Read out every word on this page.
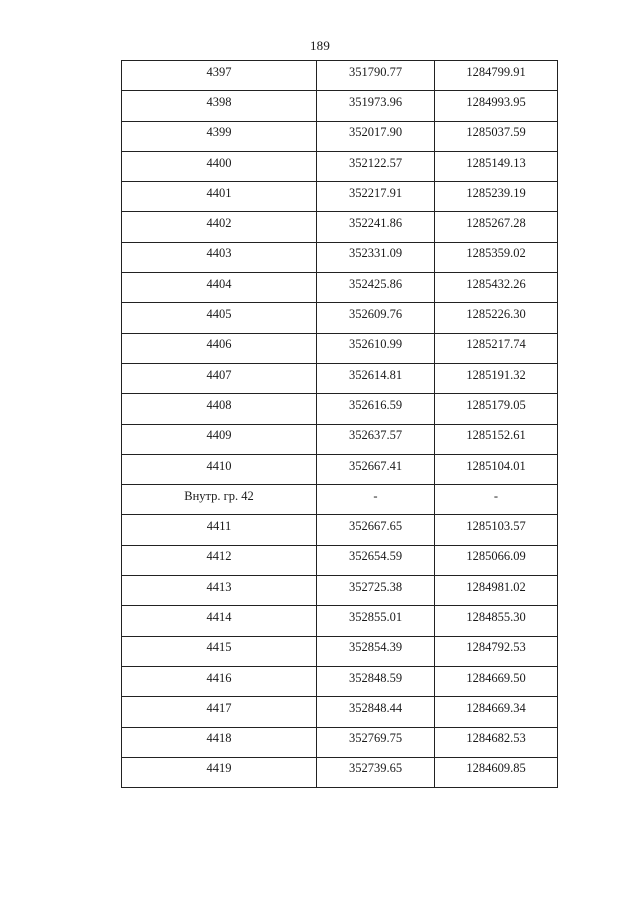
189
4397	351790.77	1284799.91
4398	351973.96	1284993.95
4399	352017.90	1285037.59
4400	352122.57	1285149.13
4401	352217.91	1285239.19
4402	352241.86	1285267.28
4403	352331.09	1285359.02
4404	352425.86	1285432.26
4405	352609.76	1285226.30
4406	352610.99	1285217.74
4407	352614.81	1285191.32
4408	352616.59	1285179.05
4409	352637.57	1285152.61
4410	352667.41	1285104.01
Внутр. гр. 42	-	-
4411	352667.65	1285103.57
4412	352654.59	1285066.09
4413	352725.38	1284981.02
4414	352855.01	1284855.30
4415	352854.39	1284792.53
4416	352848.59	1284669.50
4417	352848.44	1284669.34
4418	352769.75	1284682.53
4419	352739.65	1284609.85
